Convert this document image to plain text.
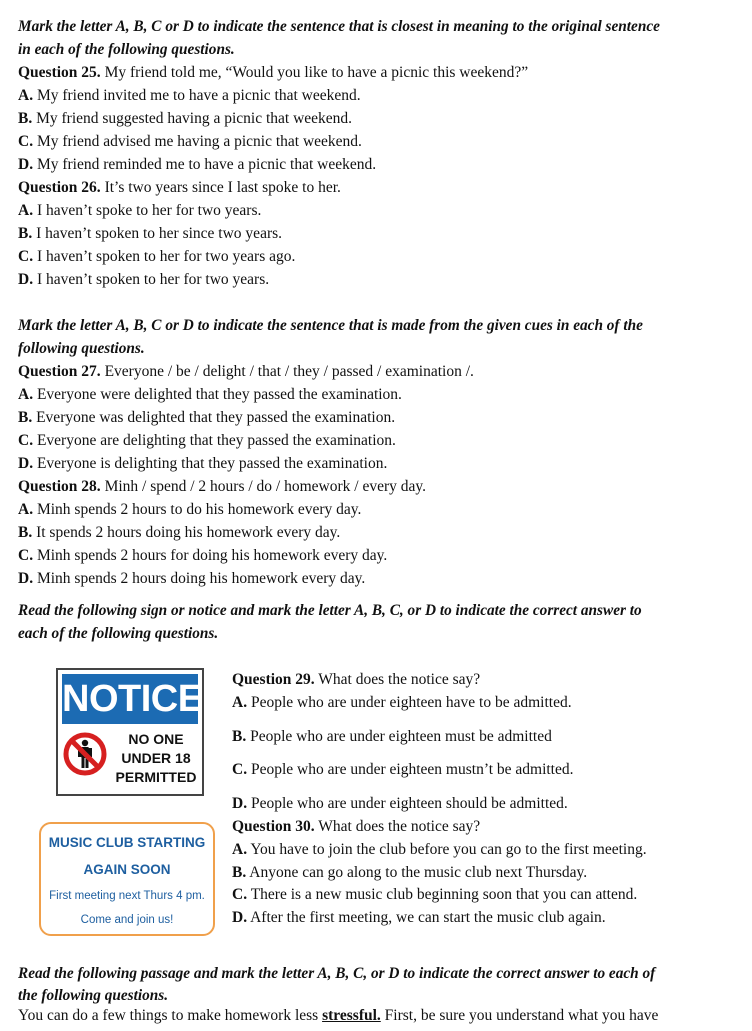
Mark the letter A, B, C or D to indicate the sentence that is closest in meaning to the original sentence
in each of the following questions.
Question 25. My friend told me, “Would you like to have a picnic this weekend?”
A. My friend invited me to have a picnic that weekend.
B. My friend suggested having a picnic that weekend.
C. My friend advised me having a picnic that weekend.
D. My friend reminded me to have a picnic that weekend.
Question 26. It’s two years since I last spoke to her.
A. I haven’t spoke to her for two years.
B. I haven’t spoken to her since two years.
C. I haven’t spoken to her for two years ago.
D. I haven’t spoken to her for two years.
Mark the letter A, B, C or D to indicate the sentence that is made from the given cues in each of the
following questions.
Question 27. Everyone / be / delight / that / they / passed / examination /.
A. Everyone were delighted that they passed the examination.
B. Everyone was delighted that they passed the examination.
C. Everyone are delighting that they passed the examination.
D. Everyone is delighting that they passed the examination.
Question 28. Minh / spend / 2 hours / do / homework / every day.
A. Minh spends 2 hours to do his homework every day.
B. It spends 2 hours doing his homework every day.
C. Minh spends 2 hours for doing his homework every day.
D. Minh spends 2 hours doing his homework every day.
Read the following sign or notice and mark the letter A, B, C, or D to indicate the correct answer to
each of the following questions.
NOTICE
NO ONE
UNDER 18
PERMITTED
MUSIC CLUB STARTING
AGAIN SOON
First meeting next Thurs 4 pm.
Come and join us!
Question 29. What does the notice say?
A. People who are under eighteen have to be admitted.
B. People who are under eighteen must be admitted
C. People who are under eighteen mustn’t be admitted.
D. People who are under eighteen should be admitted.
Question 30. What does the notice say?
A. You have to join the club before you can go to the first meeting.
B. Anyone can go along to the music club next Thursday.
C. There is a new music club beginning soon that you can attend.
D. After the first meeting, we can start the music club again.
Read the following passage and mark the letter A, B, C, or D to indicate the correct answer to each of
the following questions.
You can do a few things to make homework less stressful. First, be sure you understand what you have
